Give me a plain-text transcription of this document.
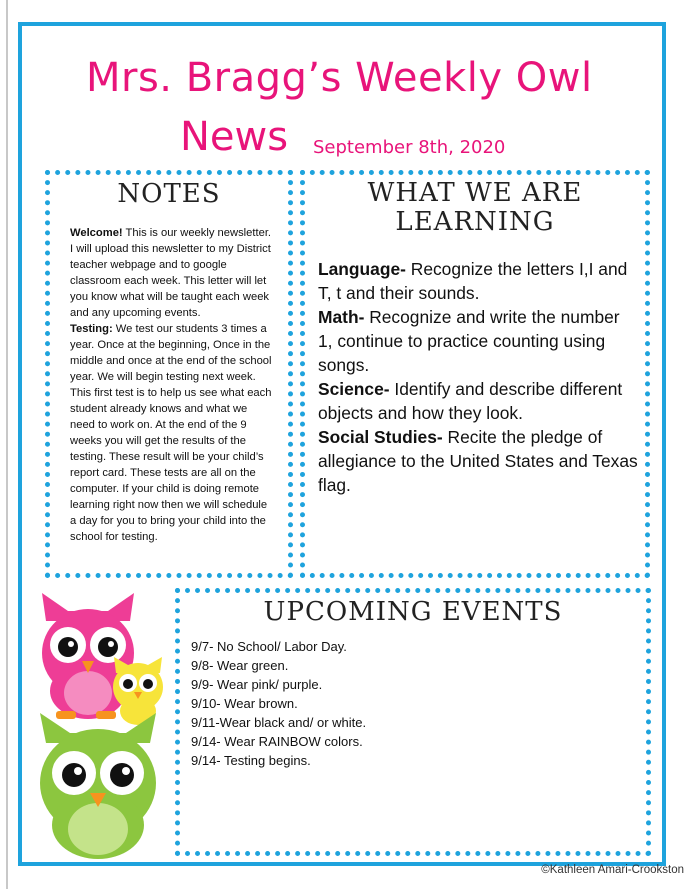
Mrs. Bragg’s Weekly Owl
News September 8th, 2020
NOTES
Welcome! This is our weekly newsletter. I will upload this newsletter to my District teacher webpage and to google classroom each week. This letter will let you know what will be taught each week and any upcoming events.
Testing: We test our students 3 times a year. Once at the beginning, Once in the middle and once at the end of the school year. We will begin testing next week. This first test is to help us see what each student already knows and what we need to work on. At the end of the 9 weeks you will get the results of the testing. These result will be your child’s report card. These tests are all on the computer. If your child is doing remote learning right now then we will schedule a day for you to bring your child into the school for testing.
WHAT WE ARE
LEARNING

Language- Recognize the letters I,I and T, t and their sounds.

Math- Recognize and write the number 1, continue to practice counting using songs.

Science- Identify and describe different objects and how they look.

Social Studies- Recite the pledge of allegiance to the United States and Texas flag.

UPCOMING EVENTS
9/7- No School/ Labor Day.
9/8- Wear green.
9/9- Wear pink/ purple.
9/10- Wear brown.
9/11-Wear black and/ or white.
9/14- Wear RAINBOW colors.
9/14- Testing begins.
©Kathleen Amari-Crookston
